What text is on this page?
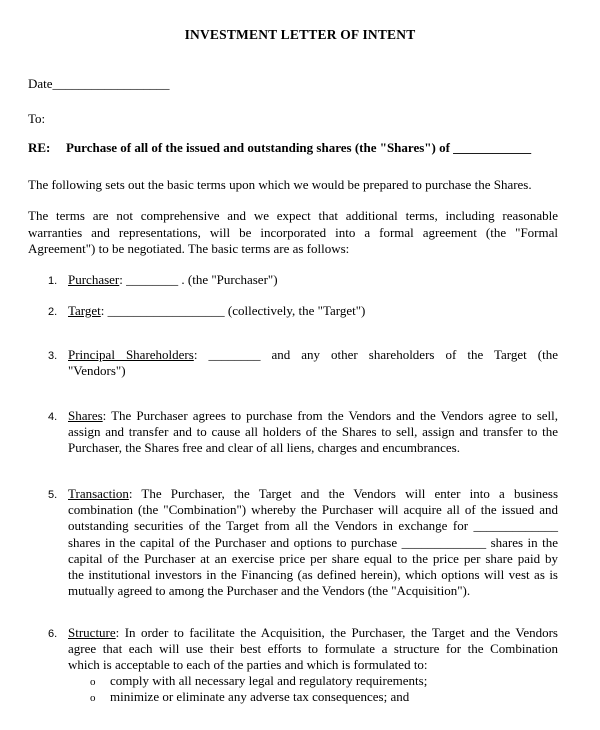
INVESTMENT LETTER OF INTENT
Date__________________
To:
RE: Purchase of all of the issued and outstanding shares (the "Shares") of ____________
The following sets out the basic terms upon which we would be prepared to purchase the Shares.
The terms are not comprehensive and we expect that additional terms, including reasonable
warranties and representations, will be incorporated into a formal agreement (the "Formal
Agreement") to be negotiated. The basic terms are as follows:
1. Purchaser: ________ . (the "Purchaser")
2. Target: __________________ (collectively, the "Target")
3. Principal Shareholders: ________ and any other shareholders of the Target (the
"Vendors")
4. Shares: The Purchaser agrees to purchase from the Vendors and the Vendors agree to sell,
assign and transfer and to cause all holders of the Shares to sell, assign and transfer to the
Purchaser, the Shares free and clear of all liens, charges and encumbrances.
5. Transaction: The Purchaser, the Target and the Vendors will enter into a business
combination (the "Combination") whereby the Purchaser will acquire all of the issued and
outstanding securities of the Target from all the Vendors in exchange for _____________
shares in the capital of the Purchaser and options to purchase _____________ shares in the
capital of the Purchaser at an exercise price per share equal to the price per share paid by
the institutional investors in the Financing (as defined herein), which options will vest as is
mutually agreed to among the Purchaser and the Vendors (the "Acquisition").
6. Structure: In order to facilitate the Acquisition, the Purchaser, the Target and the Vendors
agree that each will use their best efforts to formulate a structure for the Combination
which is acceptable to each of the parties and which is formulated to:
o comply with all necessary legal and regulatory requirements;
o minimize or eliminate any adverse tax consequences; and
